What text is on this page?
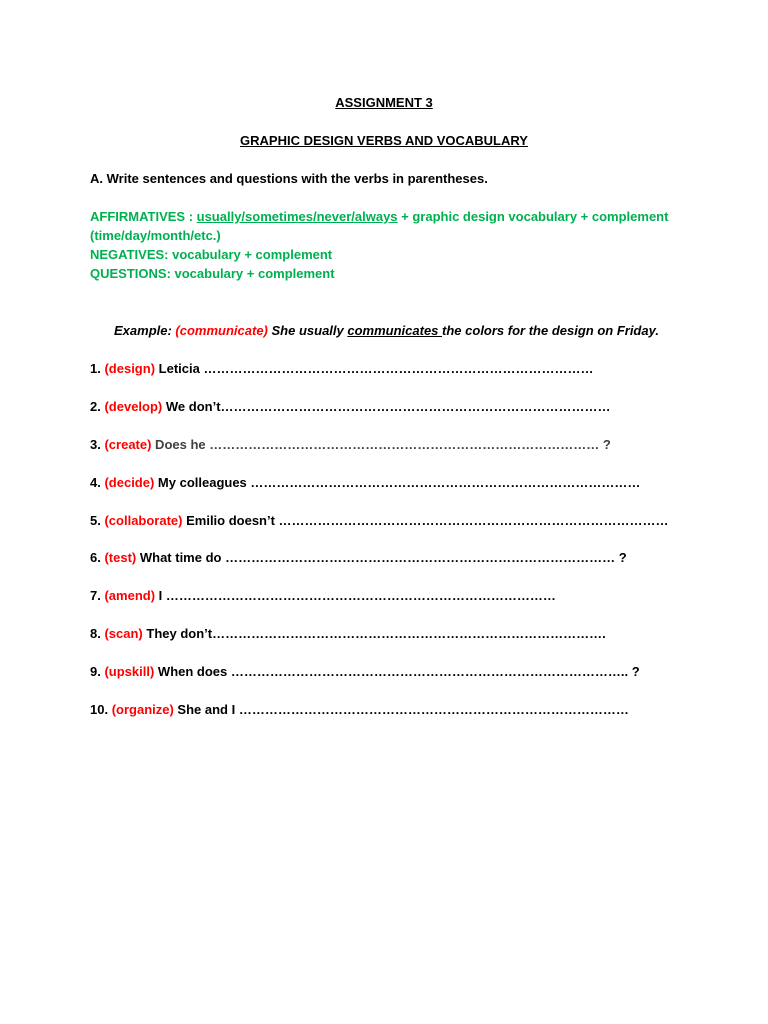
ASSIGNMENT 3
GRAPHIC DESIGN VERBS AND VOCABULARY
A. Write sentences and questions with the verbs in parentheses.
AFFIRMATIVES : usually/sometimes/never/always + graphic design vocabulary + complement
(time/day/month/etc.)
NEGATIVES: vocabulary + complement
QUESTIONS: vocabulary + complement
Example: (communicate) She usually communicates the colors for the design on Friday.
1. (design) Leticia ………………………………………………………………………………
2. (develop) We don’t………………………………………………………………………………
3. (create) Does he ……………………………………………………………………………… ?
4. (decide) My colleagues ………………………………………………………………………………
5. (collaborate) Emilio doesn’t ………………………………………………………………………………
6. (test) What time do ……………………………………………………………………………… ?
7. (amend) I ………………………………………………………………………………
8. (scan) They don’t……………………………………………………………………………….
9. (upskill) When does ……………………………………………………………………………….. ?
10. (organize) She and I ………………………………………………………………………………
